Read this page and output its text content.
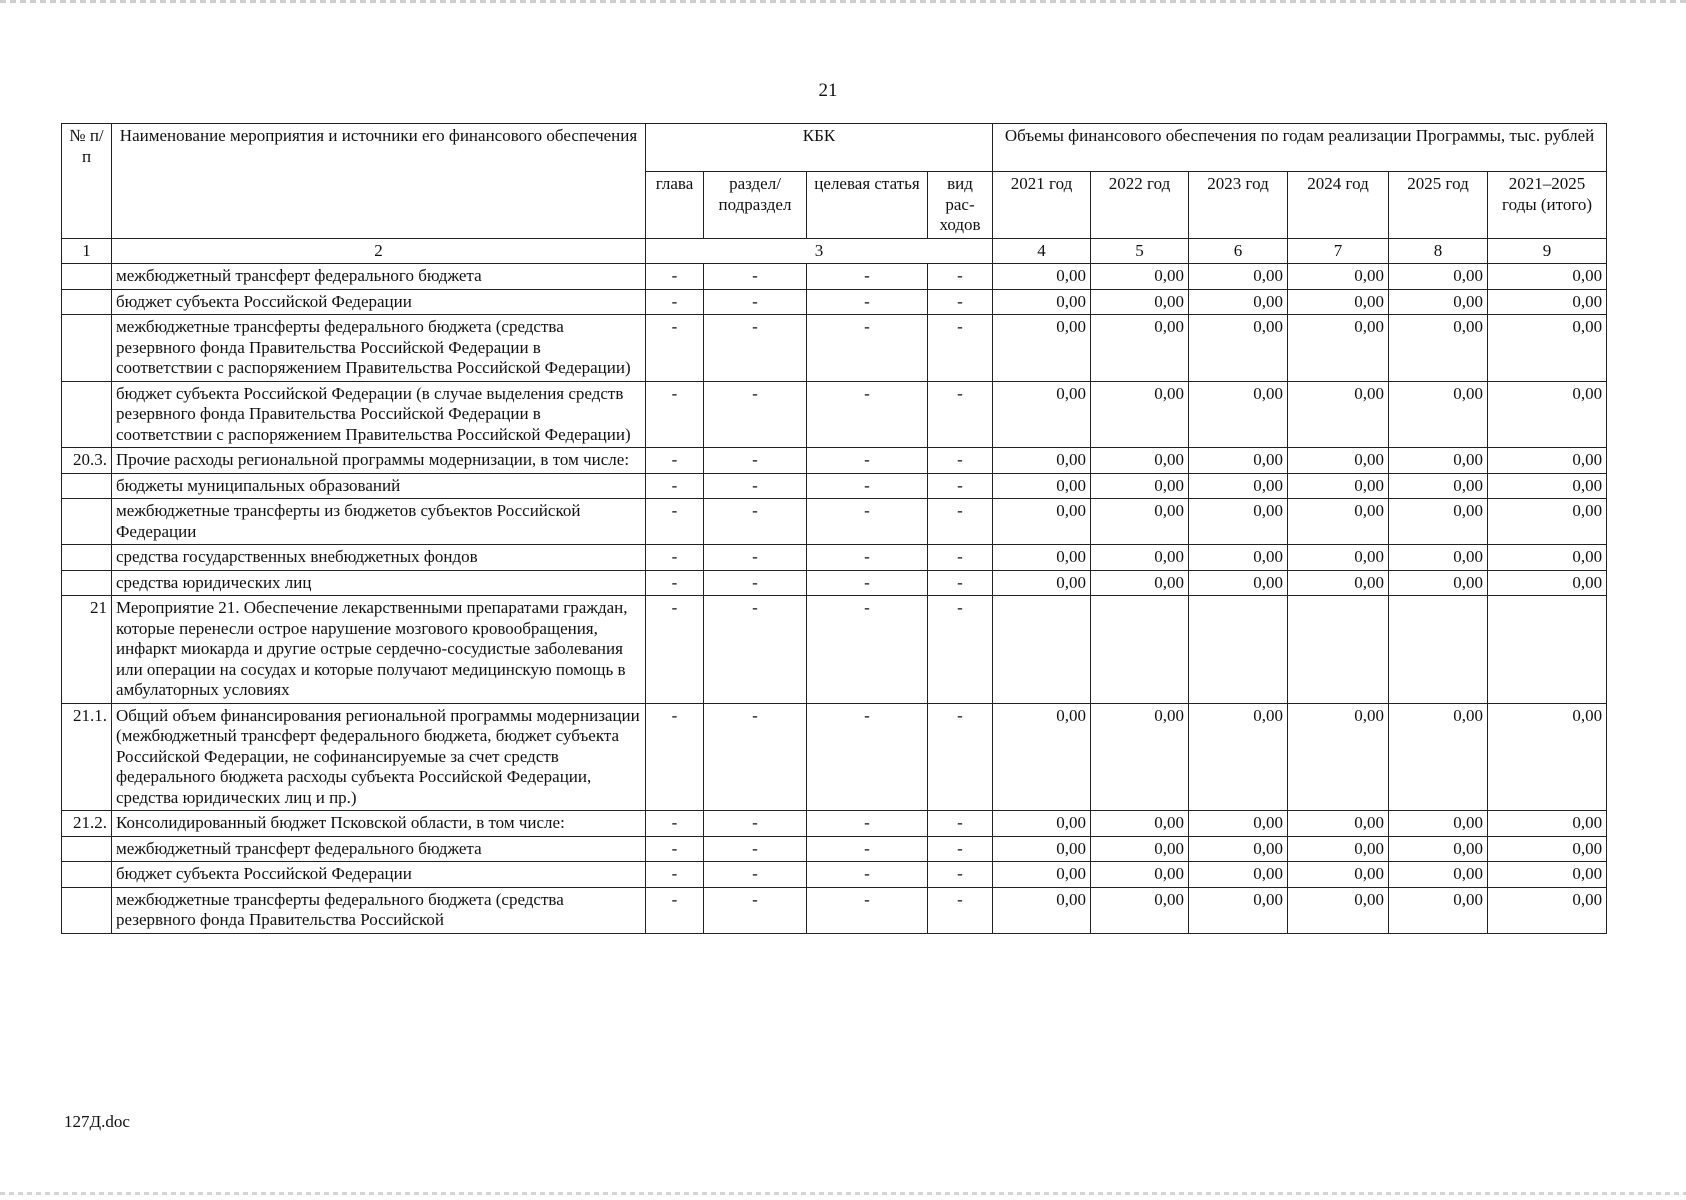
21
№ п/п	Наименование мероприятия и источники его финансового обеспечения	КБК				Объемы финансового обеспечения по годам реализации Программы, тыс. рублей					
		глава	раздел/ подраздел	целевая статья	вид рас-ходов	2021 год	2022 год	2023 год	2024 год	2025 год	2021–2025 годы (итого)
1	2	3				4	5	6	7	8	9
	межбюджетный трансферт федерального бюджета	-	-	-	-	0,00	0,00	0,00	0,00	0,00	0,00
	бюджет субъекта Российской Федерации	-	-	-	-	0,00	0,00	0,00	0,00	0,00	0,00
	межбюджетные трансферты федерального бюджета (средства резервного фонда Правительства Российской Федерации в соответствии с распоряжением Правительства Российской Федерации)	-	-	-	-	0,00	0,00	0,00	0,00	0,00	0,00
	бюджет субъекта Российской Федерации (в случае выделения средств резервного фонда Правительства Российской Федерации в соответствии с распоряжением Правительства Российской Федерации)	-	-	-	-	0,00	0,00	0,00	0,00	0,00	0,00
20.3.	Прочие расходы региональной программы модернизации, в том числе:	-	-	-	-	0,00	0,00	0,00	0,00	0,00	0,00
	бюджеты муниципальных образований	-	-	-	-	0,00	0,00	0,00	0,00	0,00	0,00
	межбюджетные трансферты из бюджетов субъектов Российской Федерации	-	-	-	-	0,00	0,00	0,00	0,00	0,00	0,00
	средства государственных внебюджетных фондов	-	-	-	-	0,00	0,00	0,00	0,00	0,00	0,00
	средства юридических лиц	-	-	-	-	0,00	0,00	0,00	0,00	0,00	0,00
21	Мероприятие 21. Обеспечение лекарственными препаратами граждан, которые перенесли острое нарушение мозгового кровообращения, инфаркт миокарда и другие острые сердечно-сосудистые заболевания или операции на сосудах и которые получают медицинскую помощь в амбулаторных условиях	-	-	-	-						
21.1.	Общий объем финансирования региональной программы модернизации (межбюджетный трансферт федерального бюджета, бюджет субъекта Российской Федерации, не софинансируемые за счет средств федерального бюджета расходы субъекта Российской Федерации, средства юридических лиц и пр.)	-	-	-	-	0,00	0,00	0,00	0,00	0,00	0,00
21.2.	Консолидированный бюджет Псковской области, в том числе:	-	-	-	-	0,00	0,00	0,00	0,00	0,00	0,00
	межбюджетный трансферт федерального бюджета	-	-	-	-	0,00	0,00	0,00	0,00	0,00	0,00
	бюджет субъекта Российской Федерации	-	-	-	-	0,00	0,00	0,00	0,00	0,00	0,00
	межбюджетные трансферты федерального бюджета (средства резервного фонда Правительства Российской	-	-	-	-	0,00	0,00	0,00	0,00	0,00	0,00
127Д.doc
